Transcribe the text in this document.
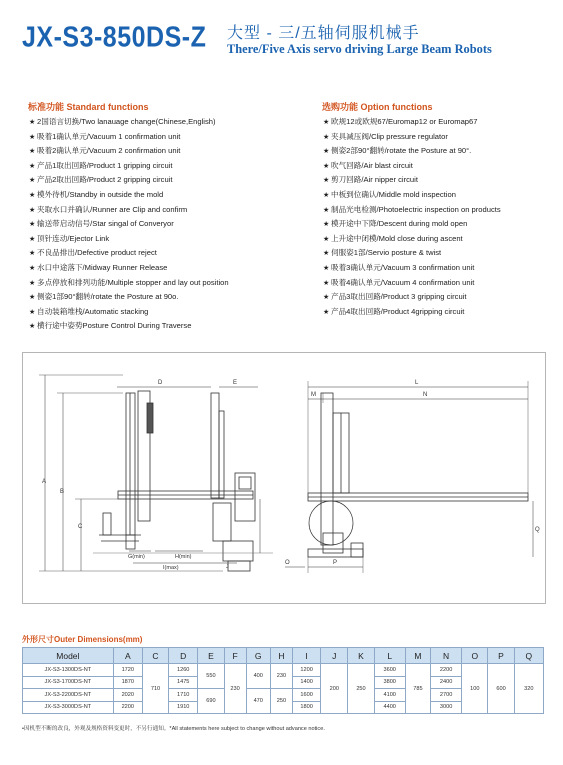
JX-S3-850DS-Z 大型 - 三/五轴伺服机械手
There/Five Axis servo driving Large Beam Robots
标准功能 Standard functions
★ 2国语言切换/Two lanauage change(Chinese,English)
★ 吸着1确认单元/Vacuum 1 confirmation unit
★ 吸着2确认单元/Vacuum 2 confirmation unit
★ 产品1取出回路/Product 1 gripping circuit
★ 产品2取出回路/Product 2 gripping circuit
★ 模外待机/Standby in outside the mold
★ 夹取水口并确认/Runner are Clip and confirm
★ 输送带启动信号/Star singal of Converyor
★ 顶针连动/Ejector Link
★ 不良品排出/Defective product reject
★ 水口中途落下/Midway Runner Release
★ 多点停放和排列功能/Multiple stopper and lay out position
★ 侧姿1部90°翻转/rotate the Posture at 90o.
★ 自动装箱堆栈/Automatic stacking
★ 横行途中姿势Posture Control During Traverse
选购功能 Option functions
★ 欧规12或欧规67/Euromap12 or Euromap67
★ 夹具减压阀/Clip pressure regulator
★ 侧姿2部90°翻转/rotate the Posture at 90°.
★ 吹气回路/Air blast circuit
★ 剪刀回路/Air nipper circuit
★ 中板到位确认/Middle mold inspection
★ 制品光电检测/Photoelectric inspection on products
★ 模开途中下降/Descent during mold open
★ 上升途中闭模/Mold close during ascent
★ 伺服姿1部/Servio posture & twist
★ 吸着3确认单元/Vacuum 3 confirmation unit
★ 吸着4确认单元/Vacuum 4 confirmation unit
★ 产品3取出回路/Product 3 gripping circuit
★ 产品4取出回路/Product 4gripping circuit
A
B
C
D	E
G(min)	H(min)
I(max)	J
L
M	N
O	P
Q
外形尺寸Outer Dimensions(mm)
Model	A	C	D	E	F	G	H	I	J	K	L	M	N	O	P	Q
JX-S3-1300DS-NT	1720	710	1260	550	230	400	230	1200	200	250	3600	785	2200	100	600	320
JX-S3-1700DS-NT	1870		1475					1400			3800		2400			
JX-S3-2200DS-NT	2020		1710	690		470	250	1600			4100		2700			
JX-S3-3000DS-NT	2200		1910					1800			4400		3000			
•因机型不断的改良，外观及规格资料变更时，不另行通知。*All statements here subject to change without advance notice.
